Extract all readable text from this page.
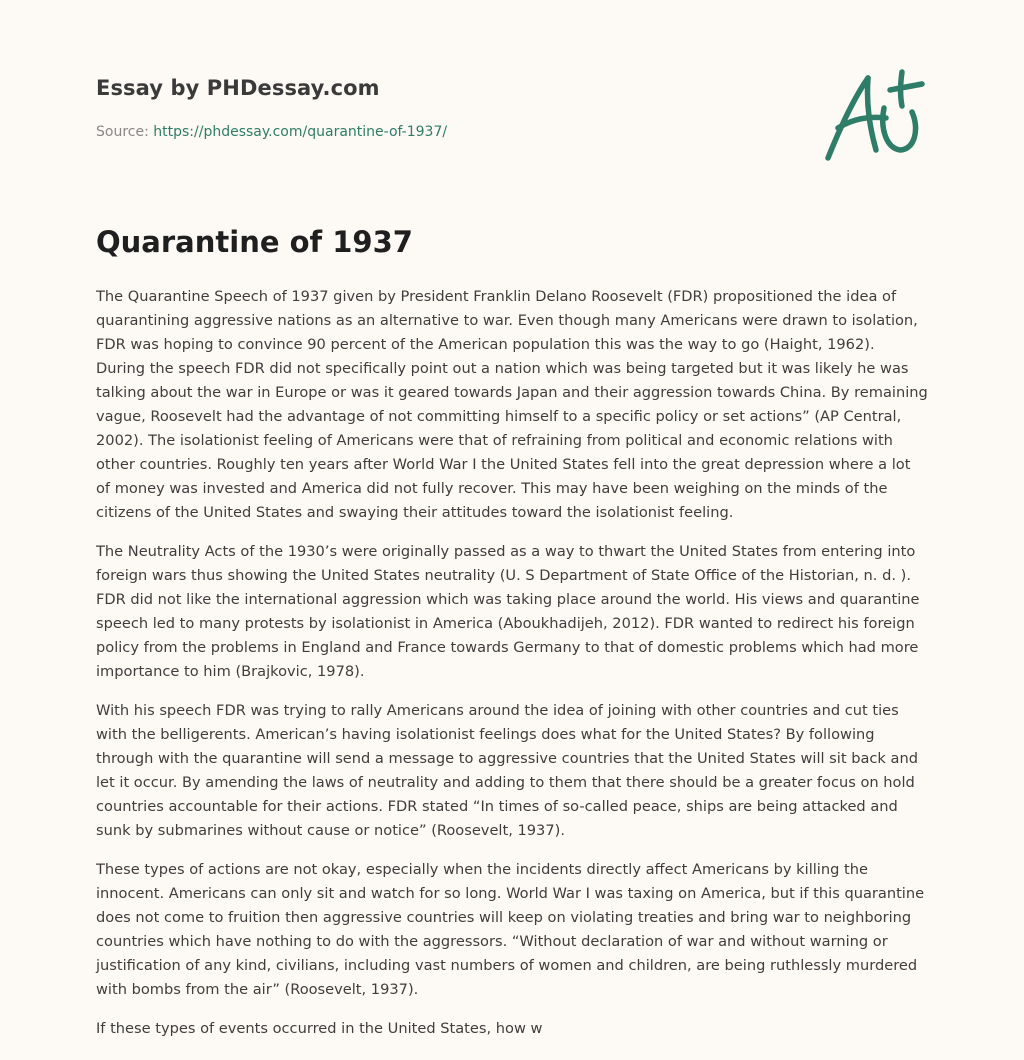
Essay by PHDessay.com
Source: https://phdessay.com/quarantine-of-1937/
Quarantine of 1937

The Quarantine Speech of 1937 given by President Franklin Delano Roosevelt (FDR) propositioned the idea of quarantining aggressive nations as an alternative to war. Even though many Americans were drawn to isolation, FDR was hoping to convince 90 percent of the American population this was the way to go (Haight, 1962). During the speech FDR did not specifically point out a nation which was being targeted but it was likely he was talking about the war in Europe or was it geared towards Japan and their aggression towards China. By remaining vague, Roosevelt had the advantage of not committing himself to a specific policy or set actions” (AP Central, 2002). The isolationist feeling of Americans were that of refraining from political and economic relations with other countries. Roughly ten years after World War I the United States fell into the great depression where a lot of money was invested and America did not fully recover. This may have been weighing on the minds of the citizens of the United States and swaying their attitudes toward the isolationist feeling.

The Neutrality Acts of the 1930’s were originally passed as a way to thwart the United States from entering into foreign wars thus showing the United States neutrality (U. S Department of State Office of the Historian, n. d. ). FDR did not like the international aggression which was taking place around the world. His views and quarantine speech led to many protests by isolationist in America (Aboukhadijeh, 2012). FDR wanted to redirect his foreign policy from the problems in England and France towards Germany to that of domestic problems which had more importance to him (Brajkovic, 1978).

With his speech FDR was trying to rally Americans around the idea of joining with other countries and cut ties with the belligerents. American’s having isolationist feelings does what for the United States? By following through with the quarantine will send a message to aggressive countries that the United States will sit back and let it occur. By amending the laws of neutrality and adding to them that there should be a greater focus on hold countries accountable for their actions. FDR stated “In times of so-called peace, ships are being attacked and sunk by submarines without cause or notice” (Roosevelt, 1937).

These types of actions are not okay, especially when the incidents directly affect Americans by killing the innocent. Americans can only sit and watch for so long. World War I was taxing on America, but if this quarantine does not come to fruition then aggressive countries will keep on violating treaties and bring war to neighboring countries which have nothing to do with the aggressors. “Without declaration of war and without warning or justification of any kind, civilians, including vast numbers of women and children, are being ruthlessly murdered with bombs from the air” (Roosevelt, 1937).

If these types of events occurred in the United States, how w
